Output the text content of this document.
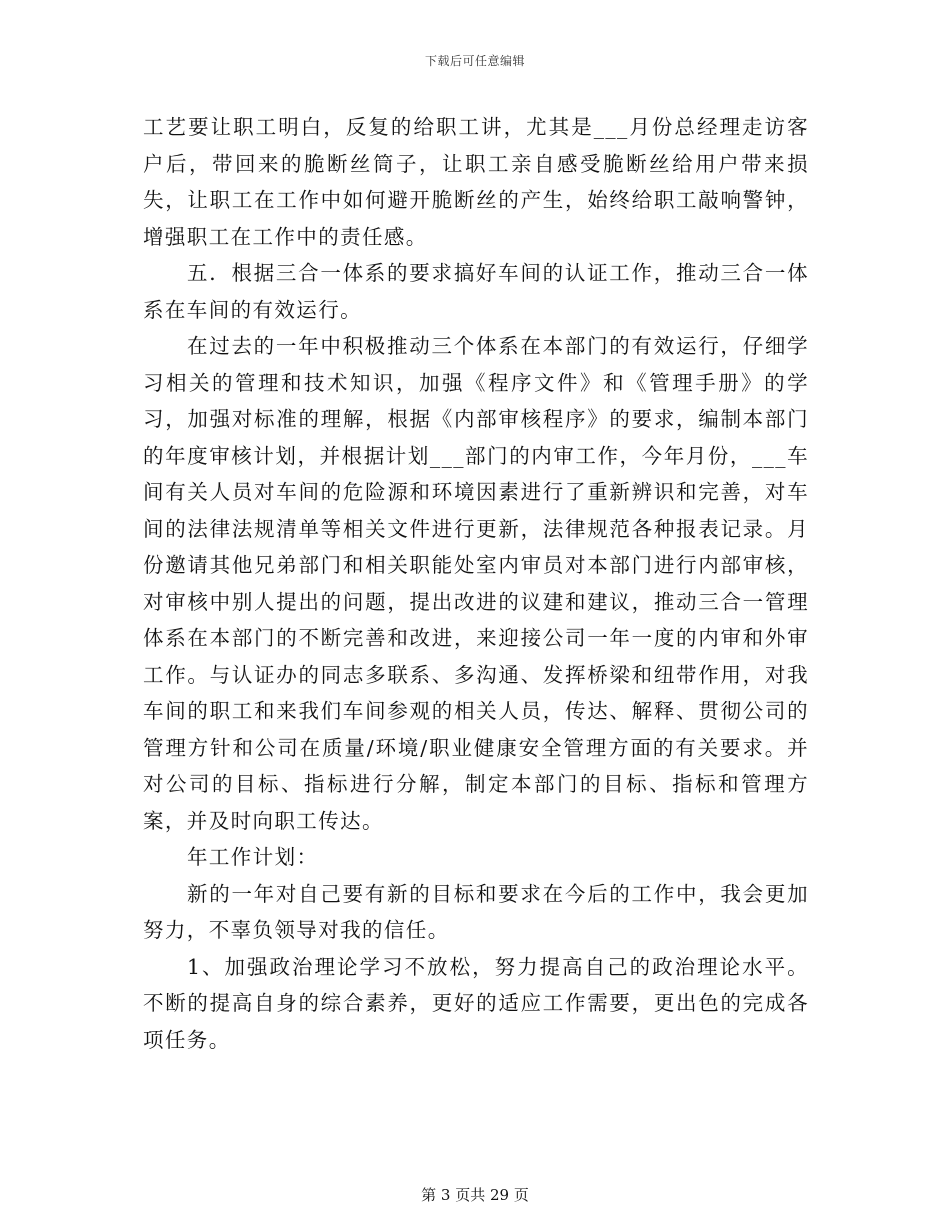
下载后可任意编辑

工艺要让职工明白，反复的给职工讲，尤其是___月份总经理走访客户后，带回来的脆断丝筒子，让职工亲自感受脆断丝给用户带来损失，让职工在工作中如何避开脆断丝的产生，始终给职工敲响警钟，增强职工在工作中的责任感。

五．根据三合一体系的要求搞好车间的认证工作，推动三合一体系在车间的有效运行。

在过去的一年中积极推动三个体系在本部门的有效运行，仔细学习相关的管理和技术知识，加强《程序文件》和《管理手册》的学习，加强对标准的理解，根据《内部审核程序》的要求，编制本部门的年度审核计划，并根据计划___部门的内审工作，今年月份，___车间有关人员对车间的危险源和环境因素进行了重新辨识和完善，对车间的法律法规清单等相关文件进行更新，法律规范各种报表记录。月份邀请其他兄弟部门和相关职能处室内审员对本部门进行内部审核，对审核中别人提出的问题，提出改进的议建和建议，推动三合一管理体系在本部门的不断完善和改进，来迎接公司一年一度的内审和外审工作。与认证办的同志多联系、多沟通、发挥桥梁和纽带作用，对我车间的职工和来我们车间参观的相关人员，传达、解释、贯彻公司的管理方针和公司在质量/环境/职业健康安全管理方面的有关要求。并对公司的目标、指标进行分解，制定本部门的目标、指标和管理方案，并及时向职工传达。

年工作计划：

新的一年对自己要有新的目标和要求在今后的工作中，我会更加努力，不辜负领导对我的信任。

1、加强政治理论学习不放松，努力提高自己的政治理论水平。不断的提高自身的综合素养，更好的适应工作需要，更出色的完成各项任务。

第 3 页共 29 页
